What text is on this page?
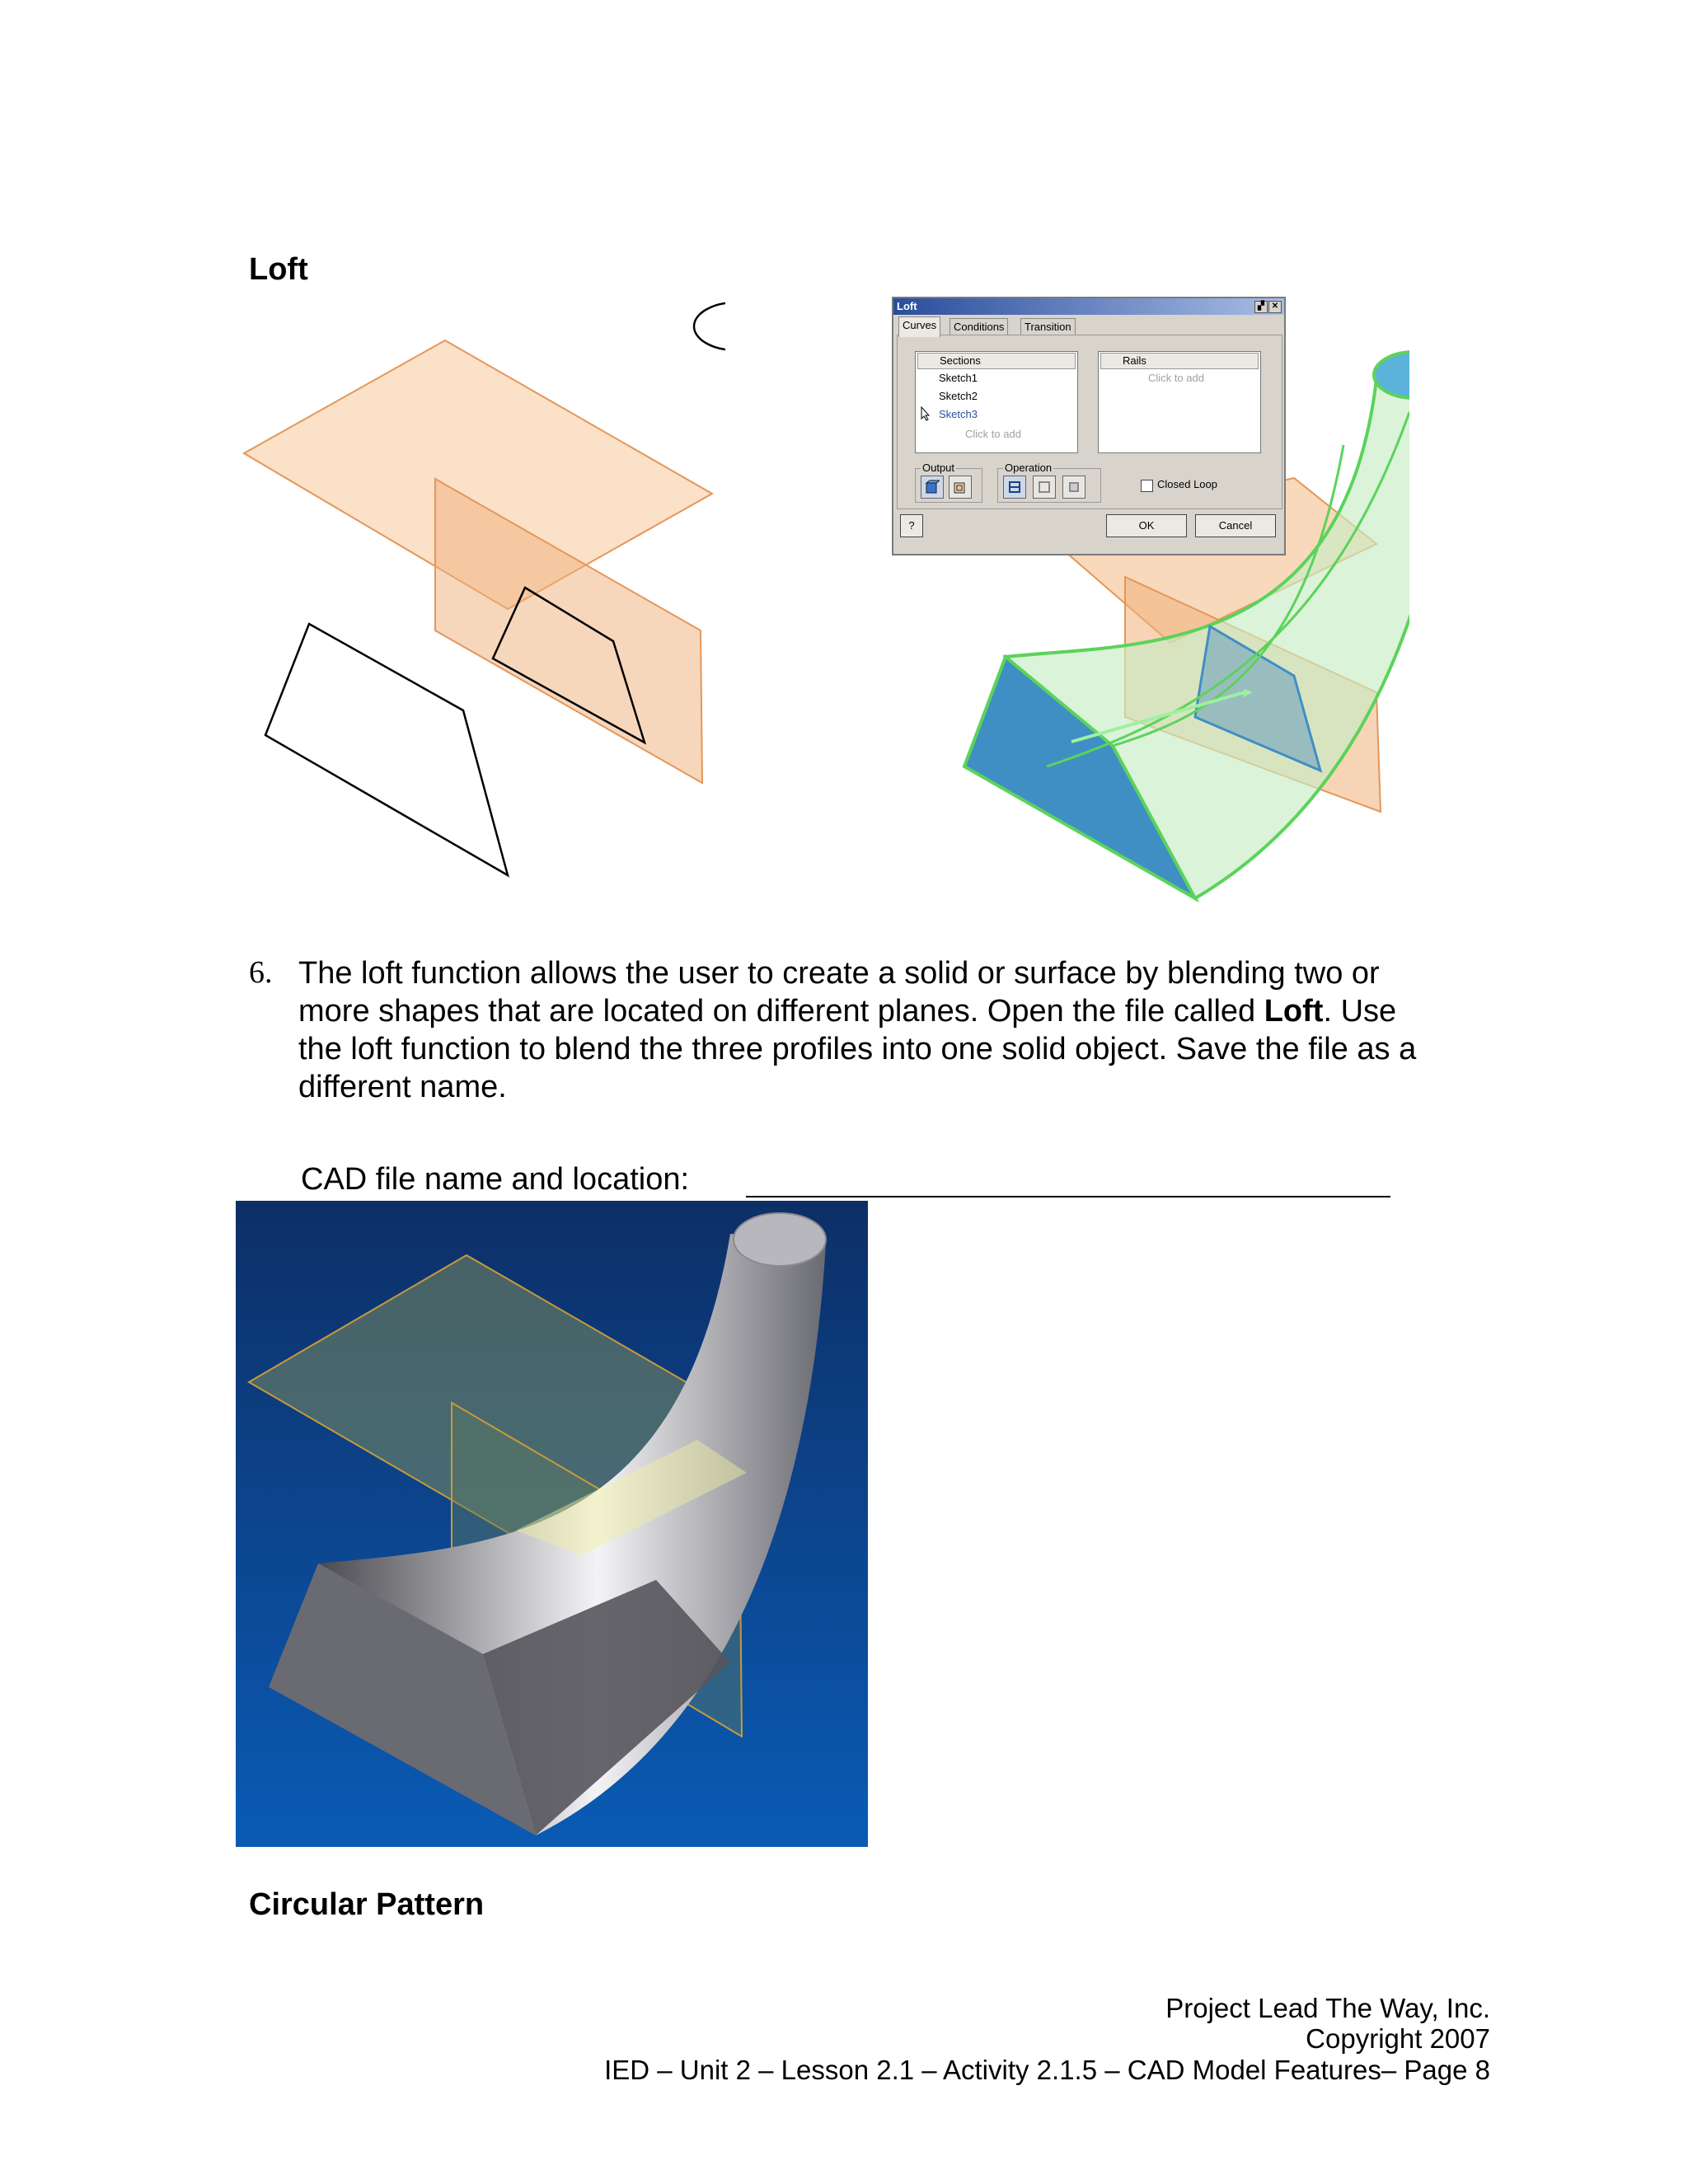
Loft
Loft	▞ ✕
Curves	Conditions	Transition
Sections
Sketch1
Sketch2
Sketch3
Click to add
Rails
Click to add
Output	Operation
Closed Loop
?	OK	Cancel
6. The loft function allows the user to create a solid or surface by blending two or
more shapes that are located on different planes. Open the file called Loft. Use
the loft function to blend the three profiles into one solid object. Save the file as a
different name.
CAD file name and location:
Circular Pattern
Project Lead The Way, Inc.
Copyright 2007
IED – Unit 2 – Lesson 2.1 – Activity 2.1.5 – CAD Model Features– Page 8
